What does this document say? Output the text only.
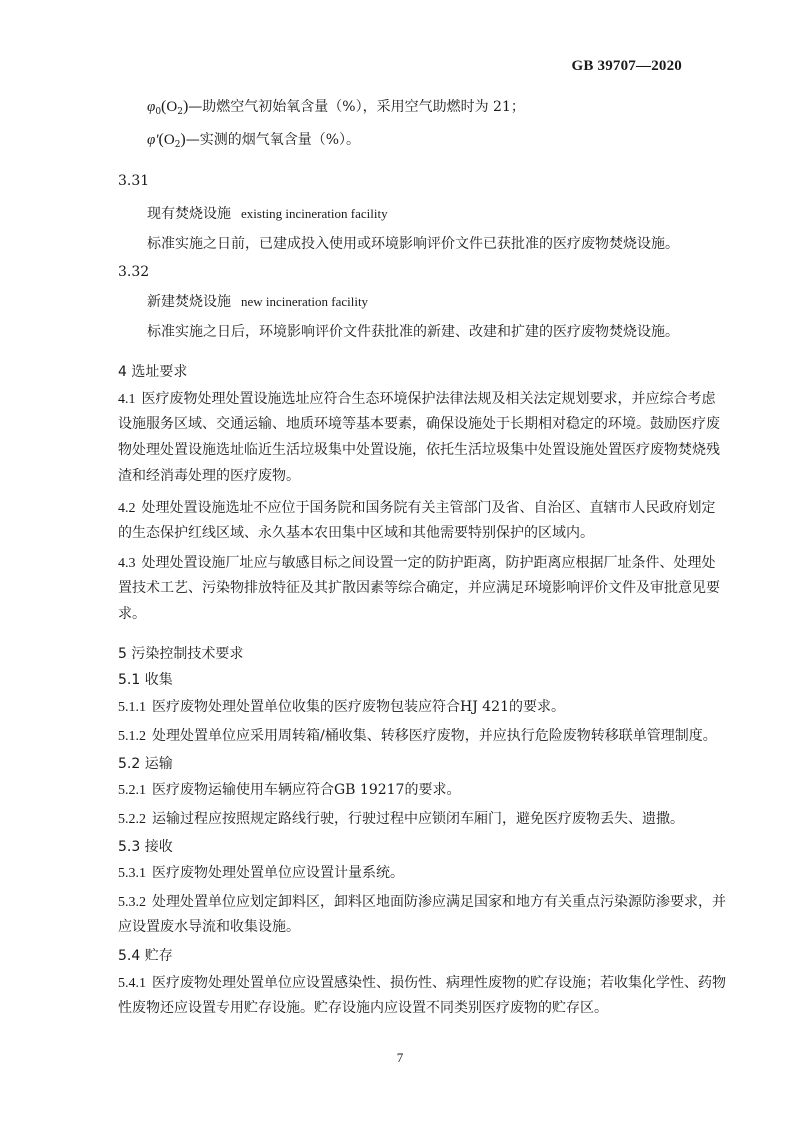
GB 39707—2020
$\varphi_0(O_2)—$助燃空气初始氧含量（%），采用空气助燃时为 21；
$\varphi'(O_2)—$实测的烟气氧含量（%）。
3.31
现有焚烧设施 existing incineration facility
标准实施之日前，已建成投入使用或环境影响评价文件已获批准的医疗废物焚烧设施。
3.32
新建焚烧设施 new incineration facility
标准实施之日后，环境影响评价文件获批准的新建、改建和扩建的医疗废物焚烧设施。
4 选址要求
4.1 医疗废物处理处置设施选址应符合生态环境保护法律法规及相关法定规划要求，并应综合考虑
设施服务区域、交通运输、地质环境等基本要素，确保设施处于长期相对稳定的环境。鼓励医疗废
物处理处置设施选址临近生活垃圾集中处置设施，依托生活垃圾集中处置设施处置医疗废物焚烧残
渣和经消毒处理的医疗废物。
4.2 处理处置设施选址不应位于国务院和国务院有关主管部门及省、自治区、直辖市人民政府划定
的生态保护红线区域、永久基本农田集中区域和其他需要特别保护的区域内。
4.3 处理处置设施厂址应与敏感目标之间设置一定的防护距离，防护距离应根据厂址条件、处理处
置技术工艺、污染物排放特征及其扩散因素等综合确定，并应满足环境影响评价文件及审批意见要
求。
5 污染控制技术要求
5.1 收集
5.1.1 医疗废物处理处置单位收集的医疗废物包装应符合HJ 421的要求。
5.1.2 处理处置单位应采用周转箱/桶收集、转移医疗废物，并应执行危险废物转移联单管理制度。
5.2 运输
5.2.1 医疗废物运输使用车辆应符合GB 19217的要求。
5.2.2 运输过程应按照规定路线行驶，行驶过程中应锁闭车厢门，避免医疗废物丢失、遗撒。
5.3 接收
5.3.1 医疗废物处理处置单位应设置计量系统。
5.3.2 处理处置单位应划定卸料区，卸料区地面防渗应满足国家和地方有关重点污染源防渗要求，并
应设置废水导流和收集设施。
5.4 贮存
5.4.1 医疗废物处理处置单位应设置感染性、损伤性、病理性废物的贮存设施；若收集化学性、药物
性废物还应设置专用贮存设施。贮存设施内应设置不同类别医疗废物的贮存区。
7
